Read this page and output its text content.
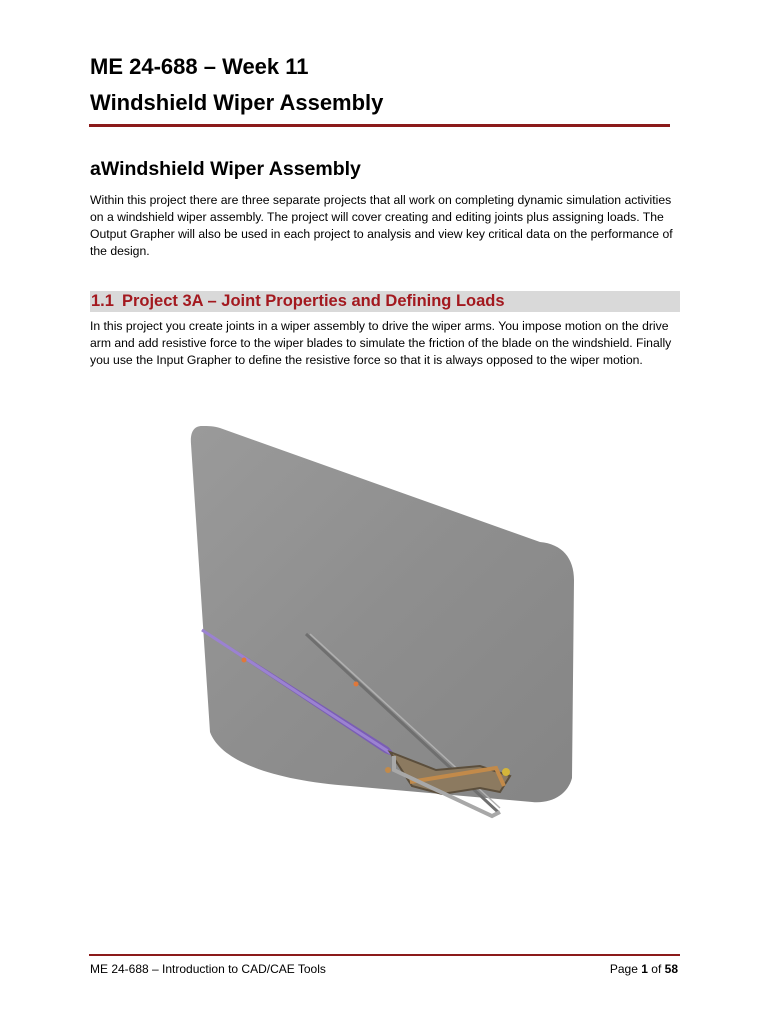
ME 24-688 – Week 11
Windshield Wiper Assembly
aWindshield Wiper Assembly

Within this project there are three separate projects that all work on completing dynamic simulation activities on a windshield wiper assembly. The project will cover creating and editing joints plus assigning loads. The Output Grapher will also be used in each project to analysis and view key critical data on the performance of the design.

1.1 Project 3A – Joint Properties and Defining Loads

In this project you create joints in a wiper assembly to drive the wiper arms. You impose motion on the drive arm and add resistive force to the wiper blades to simulate the friction of the blade on the windshield. Finally you use the Input Grapher to define the resistive force so that it is always opposed to the wiper motion.

ME 24-688 – Introduction to CAD/CAE Tools	Page 1 of 58
